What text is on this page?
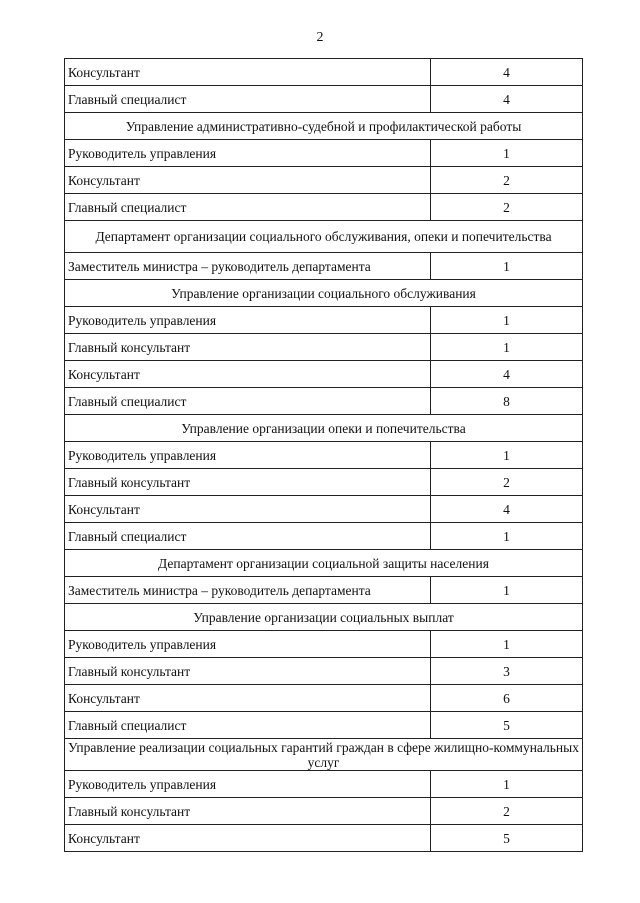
2
Консультант	4
Главный специалист	4
Управление административно-судебной и профилактической работы	
Руководитель управления	1
Консультант	2
Главный специалист	2
Департамент организации социального обслуживания, опеки и попечительства	
Заместитель министра – руководитель департамента	1
Управление организации социального обслуживания	
Руководитель управления	1
Главный консультант	1
Консультант	4
Главный специалист	8
Управление организации опеки и попечительства	
Руководитель управления	1
Главный консультант	2
Консультант	4
Главный специалист	1
Департамент организации социальной защиты населения	
Заместитель министра – руководитель департамента	1
Управление организации социальных выплат	
Руководитель управления	1
Главный консультант	3
Консультант	6
Главный специалист	5
Управление реализации социальных гарантий граждан в сфере жилищно-коммунальных услуг	
Руководитель управления	1
Главный консультант	2
Консультант	5
